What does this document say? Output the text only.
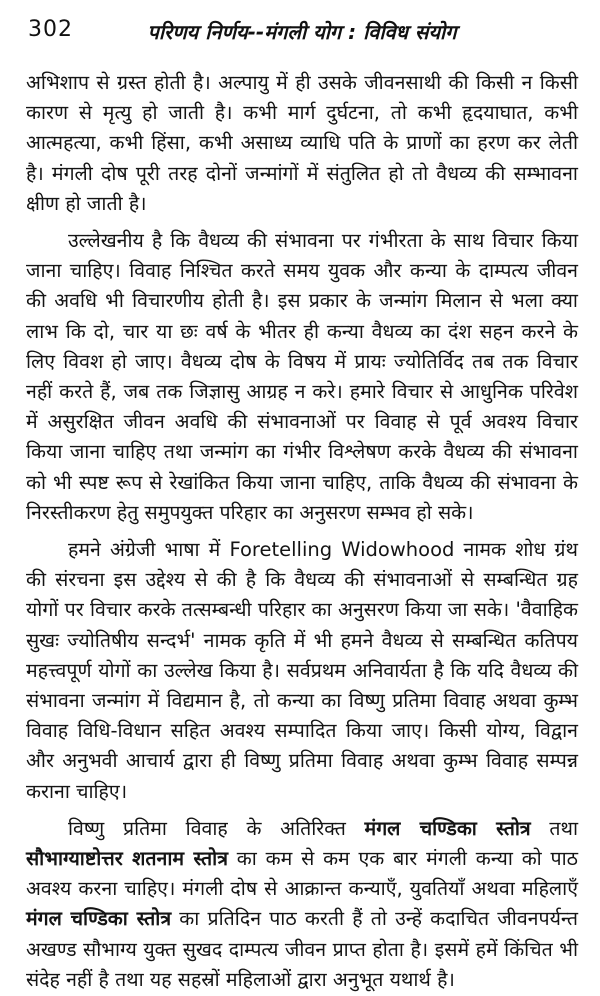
302	परिणय निर्णय--मंगली योग : विविध संयोग

अभिशाप से ग्रस्त होती है। अल्पायु में ही उसके जीवनसाथी की किसी न किसी कारण से मृत्यु हो जाती है। कभी मार्ग दुर्घटना, तो कभी हृदयाघात, कभी आत्महत्या, कभी हिंसा, कभी असाध्य व्याधि पति के प्राणों का हरण कर लेती है। मंगली दोष पूरी तरह दोनों जन्मांगों में संतुलित हो तो वैधव्य की सम्भावना क्षीण हो जाती है।

उल्लेखनीय है कि वैधव्य की संभावना पर गंभीरता के साथ विचार किया जाना चाहिए। विवाह निश्चित करते समय युवक और कन्या के दाम्पत्य जीवन की अवधि भी विचारणीय होती है। इस प्रकार के जन्मांग मिलान से भला क्या लाभ कि दो, चार या छः वर्ष के भीतर ही कन्या वैधव्य का दंश सहन करने के लिए विवश हो जाए। वैधव्य दोष के विषय में प्रायः ज्योतिर्विद तब तक विचार नहीं करते हैं, जब तक जिज्ञासु आग्रह न करे। हमारे विचार से आधुनिक परिवेश में असुरक्षित जीवन अवधि की संभावनाओं पर विवाह से पूर्व अवश्य विचार किया जाना चाहिए तथा जन्मांग का गंभीर विश्लेषण करके वैधव्य की संभावना को भी स्पष्ट रूप से रेखांकित किया जाना चाहिए, ताकि वैधव्य की संभावना के निरस्तीकरण हेतु समुपयुक्त परिहार का अनुसरण सम्भव हो सके।

हमने अंग्रेजी भाषा में Foretelling Widowhood नामक शोध ग्रंथ की संरचना इस उद्देश्य से की है कि वैधव्य की संभावनाओं से सम्बन्धित ग्रह योगों पर विचार करके तत्सम्बन्धी परिहार का अनुसरण किया जा सके। 'वैवाहिक सुखः ज्योतिषीय सन्दर्भ' नामक कृति में भी हमने वैधव्य से सम्बन्धित कतिपय महत्त्वपूर्ण योगों का उल्लेख किया है। सर्वप्रथम अनिवार्यता है कि यदि वैधव्य की संभावना जन्मांग में विद्यमान है, तो कन्या का विष्णु प्रतिमा विवाह अथवा कुम्भ विवाह विधि-विधान सहित अवश्य सम्पादित किया जाए। किसी योग्य, विद्वान और अनुभवी आचार्य द्वारा ही विष्णु प्रतिमा विवाह अथवा कुम्भ विवाह सम्पन्न कराना चाहिए।

विष्णु प्रतिमा विवाह के अतिरिक्त मंगल चण्डिका स्तोत्र तथा सौभाग्याष्टोत्तर शतनाम स्तोत्र का कम से कम एक बार मंगली कन्या को पाठ अवश्य करना चाहिए। मंगली दोष से आक्रान्त कन्याएँ, युवतियाँ अथवा महिलाएँ मंगल चण्डिका स्तोत्र का प्रतिदिन पाठ करती हैं तो उन्हें कदाचित जीवनपर्यन्त अखण्ड सौभाग्य युक्त सुखद दाम्पत्य जीवन प्राप्त होता है। इसमें हमें किंचित भी संदेह नहीं है तथा यह सहस्रों महिलाओं द्वारा अनुभूत यथार्थ है।
